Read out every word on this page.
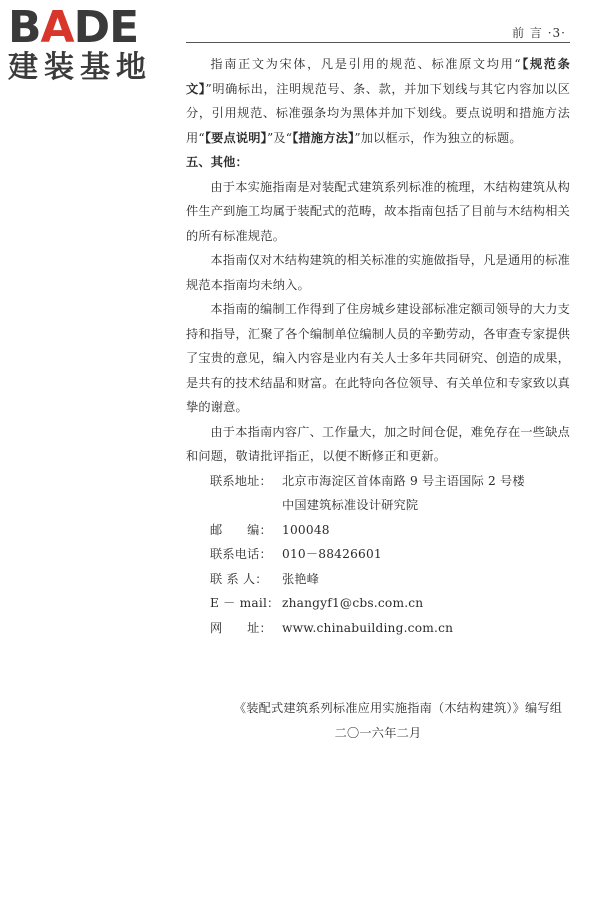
BADE
建装基地
前 言 ·3·

指南正文为宋体，凡是引用的规范、标准原文均用“【规范条文】”明确标出，注明规范号、条、款，并加下划线与其它内容加以区分，引用规范、标准强条均为黑体并加下划线。要点说明和措施方法用“【要点说明】”及“【措施方法】”加以框示，作为独立的标题。

五、其他：

由于本实施指南是对装配式建筑系列标准的梳理，木结构建筑从构件生产到施工均属于装配式的范畴，故本指南包括了目前与木结构相关的所有标准规范。

本指南仅对木结构建筑的相关标准的实施做指导，凡是通用的标准规范本指南均未纳入。

本指南的编制工作得到了住房城乡建设部标准定额司领导的大力支持和指导，汇聚了各个编制单位编制人员的辛勤劳动，各审查专家提供了宝贵的意见，编入内容是业内有关人士多年共同研究、创造的成果，是共有的技术结晶和财富。在此特向各位领导、有关单位和专家致以真挚的谢意。

由于本指南内容广、工作量大，加之时间仓促，难免存在一些缺点和问题，敬请批评指正，以便不断修正和更新。

联系地址： 北京市海淀区首体南路 9 号主语国际 2 号楼
中国建筑标准设计研究院
邮　　编： 100048
联系电话： 010－88426601
联 系 人：	张艳峰
E － mail： zhangyf1@cbs.com.cn
网　　址： www.chinabuilding.com.cn
《装配式建筑系列标准应用实施指南（木结构建筑）》编写组
二〇一六年二月
